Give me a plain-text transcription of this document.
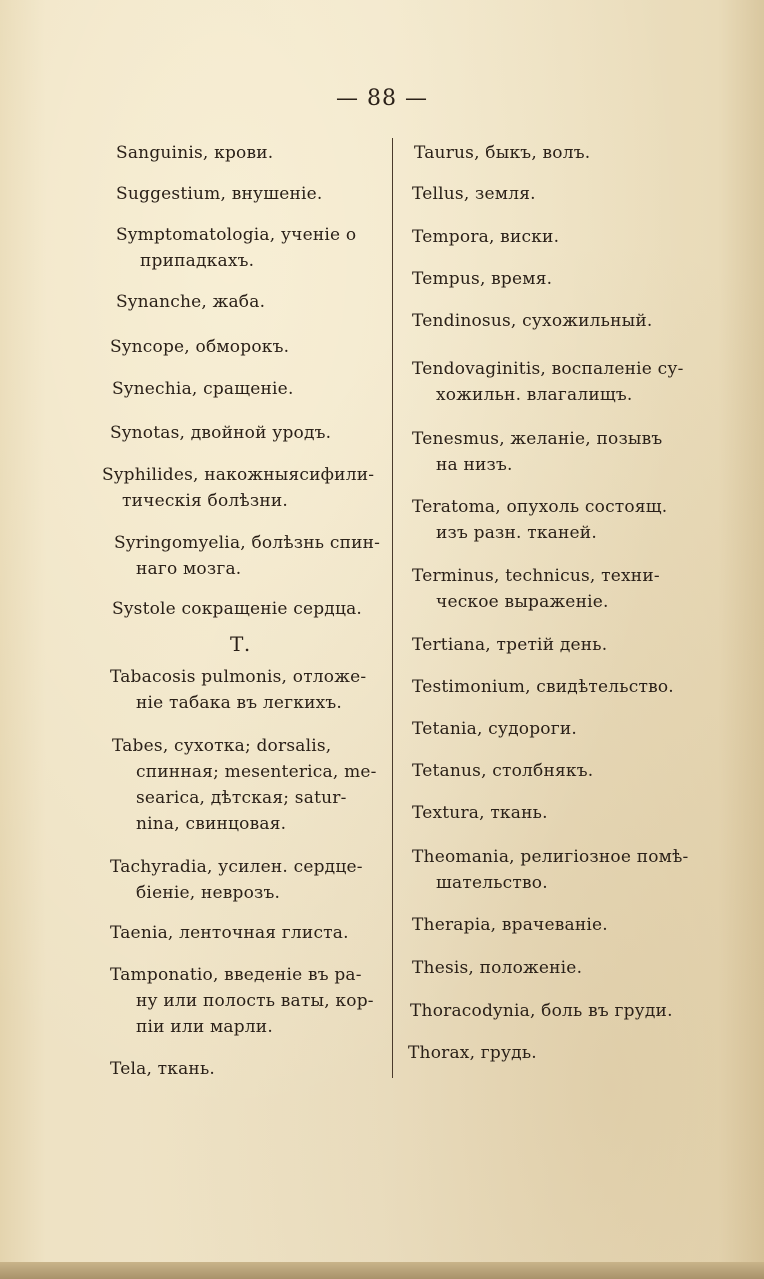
— 88 —
Sanguinis, крови.
Suggestium, внушеніе.
Symptomatologia, ученіе о
припадкахъ.
Synanche, жаба.
Syncope, обморокъ.
Synechia, сращеніе.
Synotas, двойной уродъ.
Syphilides, накожныясифили-
тическія болѣзни.
Syringomyelia, болѣзнь спин-
наго мозга.
Systole сокращеніе сердца.
Т.
Tabacosis pulmonis, отложе-
ніе табака въ легкихъ.
Tabes, сухотка; dorsalis,
спинная; mesenterica, me-
searica, дѣтская; satur-
nina, свинцовая.
Tachyradia, усилен. сердце-
біеніе, неврозъ.
Taenia, ленточная глиста.
Tamponatio, введеніе въ ра-
ну или полость ваты, кор-
піи или марли.
Tela, ткань.
Taurus, быкъ, волъ.
Tellus, земля.
Tempora, виски.
Tempus, время.
Tendinosus, сухожильный.
Tendovaginitis, воспаленіе су-
хожильн. влагалищъ.
Tenesmus, желаніе, позывъ
на низъ.
Teratoma, опухоль состоящ.
изъ разн. тканей.
Terminus, technicus, техни-
ческое выраженіе.
Tertiana, третій день.
Testimonium, свидѣтельство.
Tetania, судороги.
Tetanus, столбнякъ.
Textura, ткань.
Theomania, религіозное помѣ-
шательство.
Therapia, врачеваніе.
Thesis, положеніе.
Thoracodynia, боль въ груди.
Thorax, грудь.
